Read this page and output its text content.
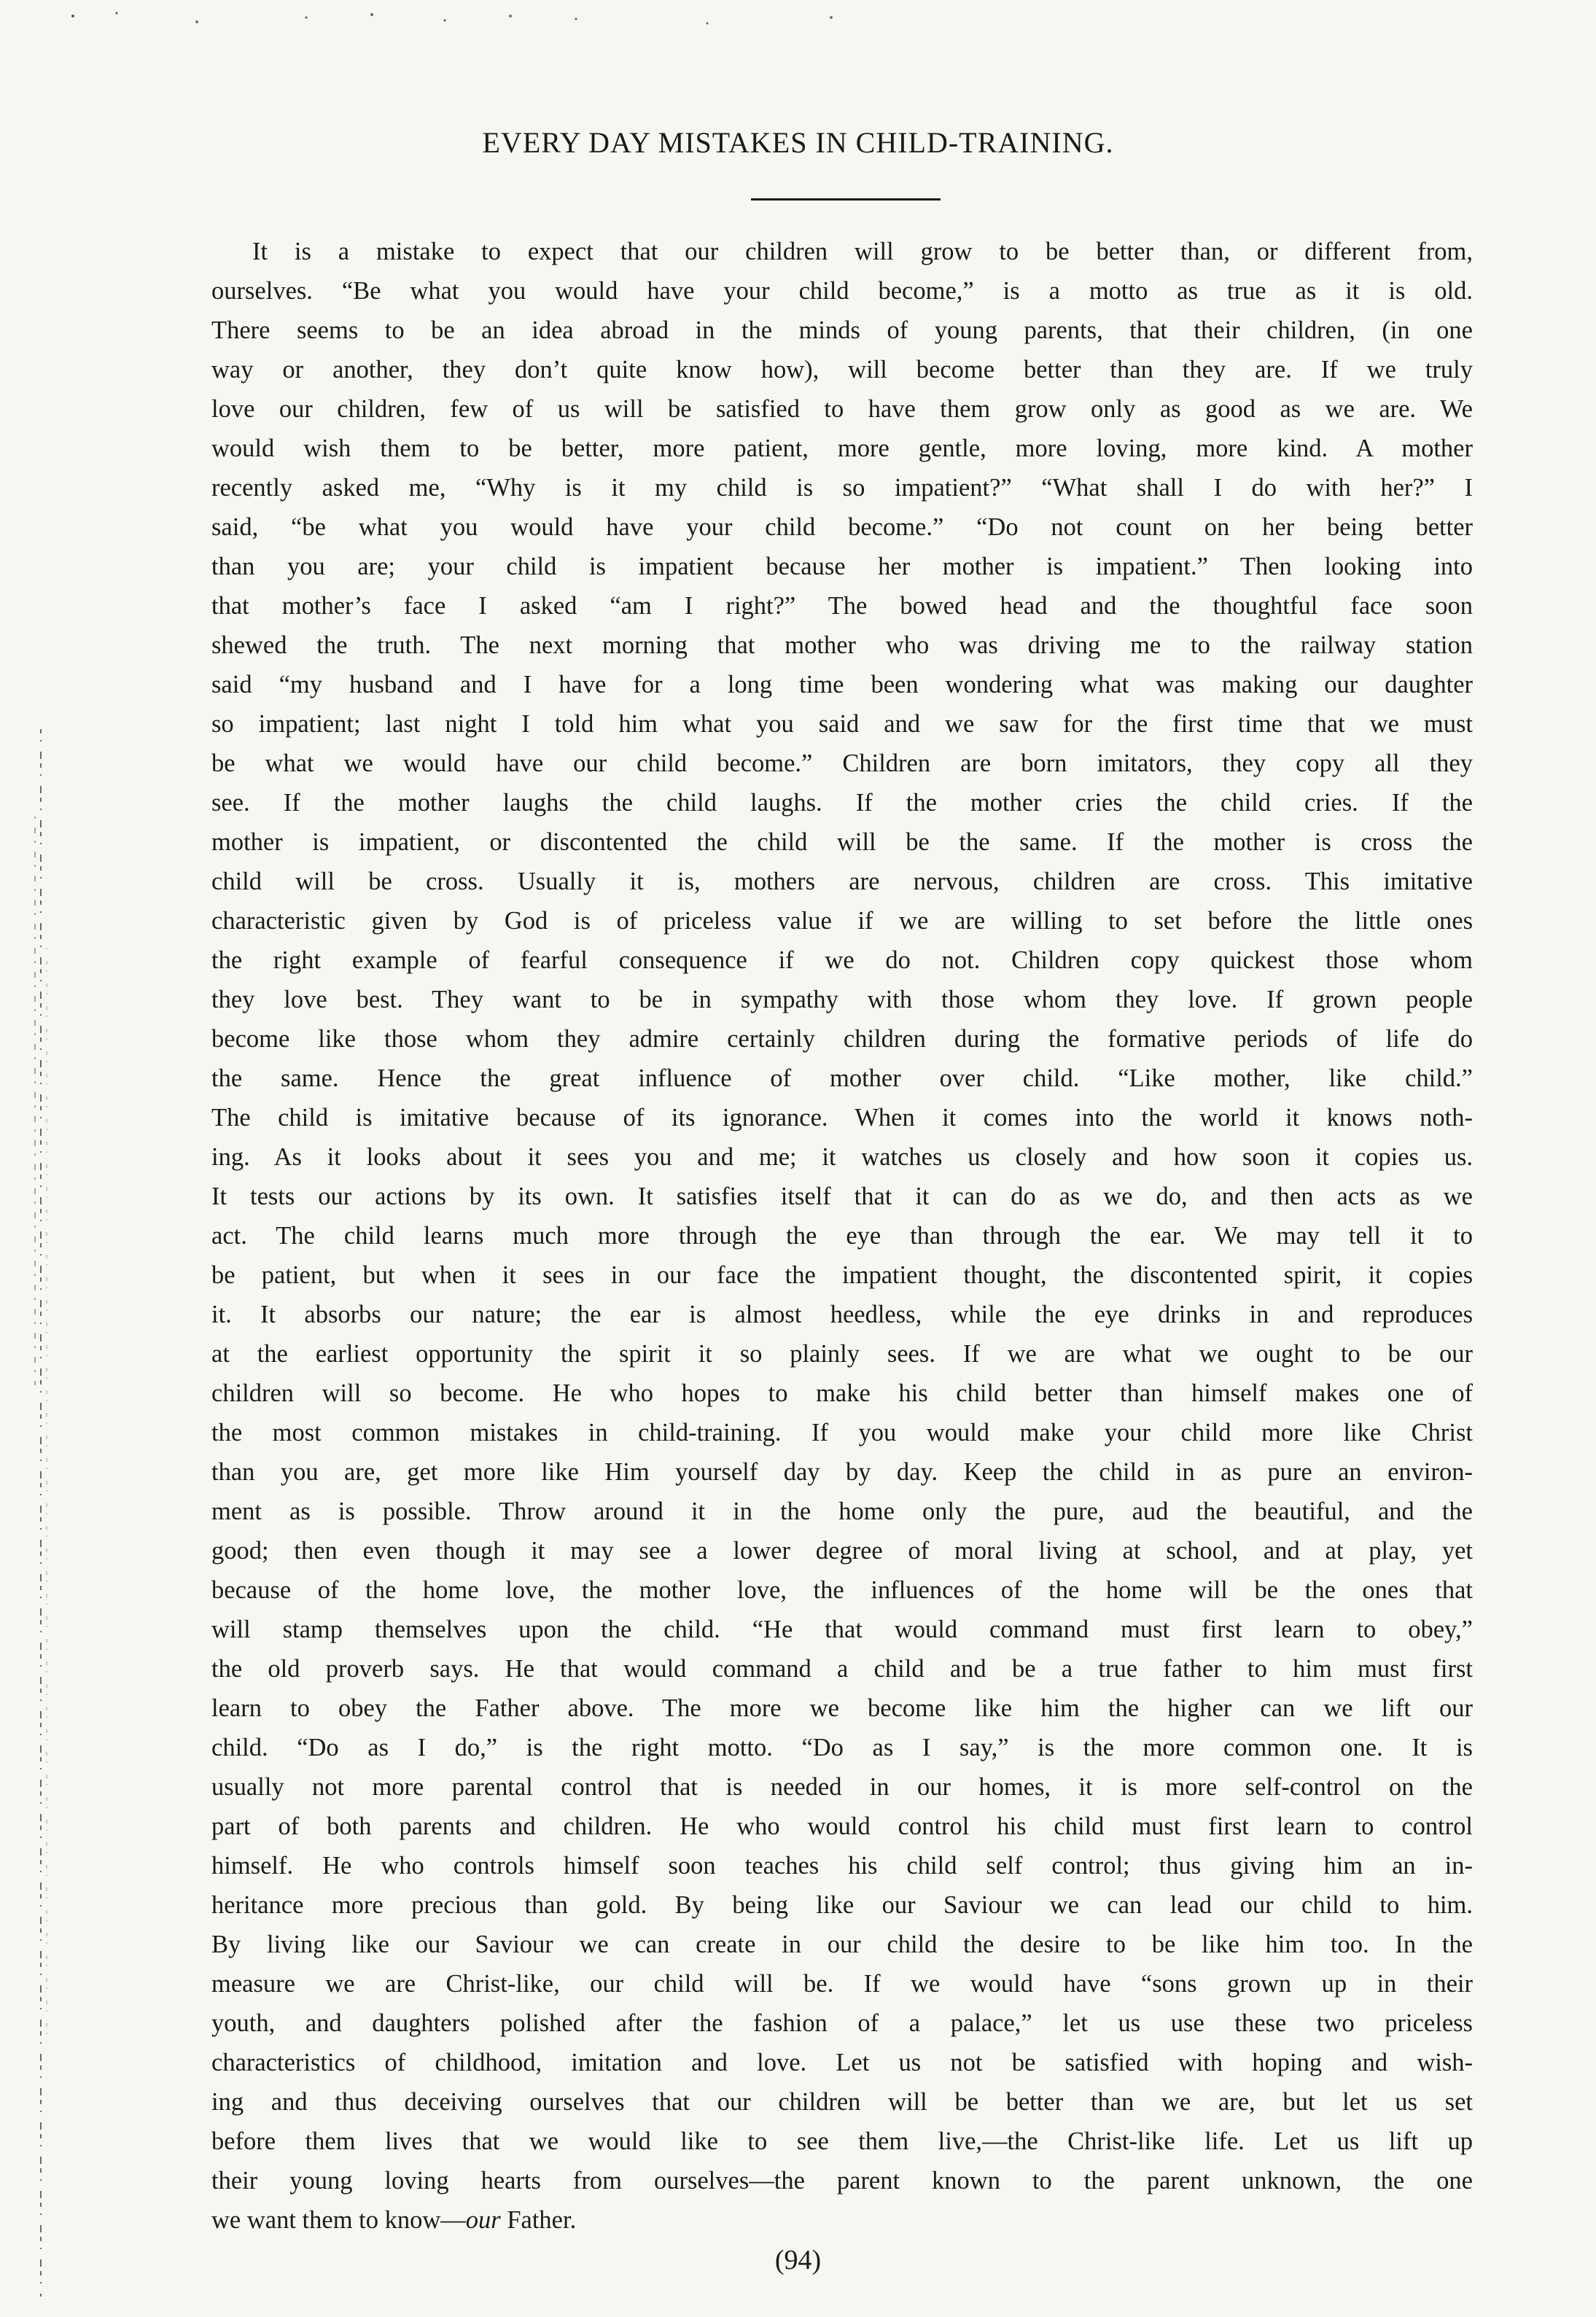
EVERY DAY MISTAKES IN CHILD-TRAINING.
It is a mistake to expect that our children will grow to be better than, or different from,
ourselves. “Be what you would have your child become,” is a motto as true as it is old.
There seems to be an idea abroad in the minds of young parents, that their children, (in one
way or another, they don’t quite know how), will become better than they are. If we truly
love our children, few of us will be satisfied to have them grow only as good as we are. We
would wish them to be better, more patient, more gentle, more loving, more kind. A mother
recently asked me, “Why is it my child is so impatient?” “What shall I do with her?” I
said, “be what you would have your child become.” “Do not count on her being better
than you are; your child is impatient because her mother is impatient.” Then looking into
that mother’s face I asked “am I right?” The bowed head and the thoughtful face soon
shewed the truth. The next morning that mother who was driving me to the railway station
said “my husband and I have for a long time been wondering what was making our daughter
so impatient; last night I told him what you said and we saw for the first time that we must
be what we would have our child become.” Children are born imitators, they copy all they
see. If the mother laughs the child laughs. If the mother cries the child cries. If the
mother is impatient, or discontented the child will be the same. If the mother is cross the
child will be cross. Usually it is, mothers are nervous, children are cross. This imitative
characteristic given by God is of priceless value if we are willing to set before the little ones
the right example of fearful consequence if we do not. Children copy quickest those whom
they love best. They want to be in sympathy with those whom they love. If grown people
become like those whom they admire certainly children during the formative periods of life do
the same. Hence the great influence of mother over child. “Like mother, like child.”
The child is imitative because of its ignorance. When it comes into the world it knows noth-
ing. As it looks about it sees you and me; it watches us closely and how soon it copies us.
It tests our actions by its own. It satisfies itself that it can do as we do, and then acts as we
act. The child learns much more through the eye than through the ear. We may tell it to
be patient, but when it sees in our face the impatient thought, the discontented spirit, it copies
it. It absorbs our nature; the ear is almost heedless, while the eye drinks in and reproduces
at the earliest opportunity the spirit it so plainly sees. If we are what we ought to be our
children will so become. He who hopes to make his child better than himself makes one of
the most common mistakes in child-training. If you would make your child more like Christ
than you are, get more like Him yourself day by day. Keep the child in as pure an environ-
ment as is possible. Throw around it in the home only the pure, aud the beautiful, and the
good; then even though it may see a lower degree of moral living at school, and at play, yet
because of the home love, the mother love, the influences of the home will be the ones that
will stamp themselves upon the child. “He that would command must first learn to obey,”
the old proverb says. He that would command a child and be a true father to him must first
learn to obey the Father above. The more we become like him the higher can we lift our
child. “Do as I do,” is the right motto. “Do as I say,” is the more common one. It is
usually not more parental control that is needed in our homes, it is more self-control on the
part of both parents and children. He who would control his child must first learn to control
himself. He who controls himself soon teaches his child self control; thus giving him an in-
heritance more precious than gold. By being like our Saviour we can lead our child to him.
By living like our Saviour we can create in our child the desire to be like him too. In the
measure we are Christ-like, our child will be. If we would have “sons grown up in their
youth, and daughters polished after the fashion of a palace,” let us use these two priceless
characteristics of childhood, imitation and love. Let us not be satisfied with hoping and wish-
ing and thus deceiving ourselves that our children will be better than we are, but let us set
before them lives that we would like to see them live,—the Christ-like life. Let us lift up
their young loving hearts from ourselves—the parent known to the parent unknown, the one
we want them to know—our Father.
(94)
